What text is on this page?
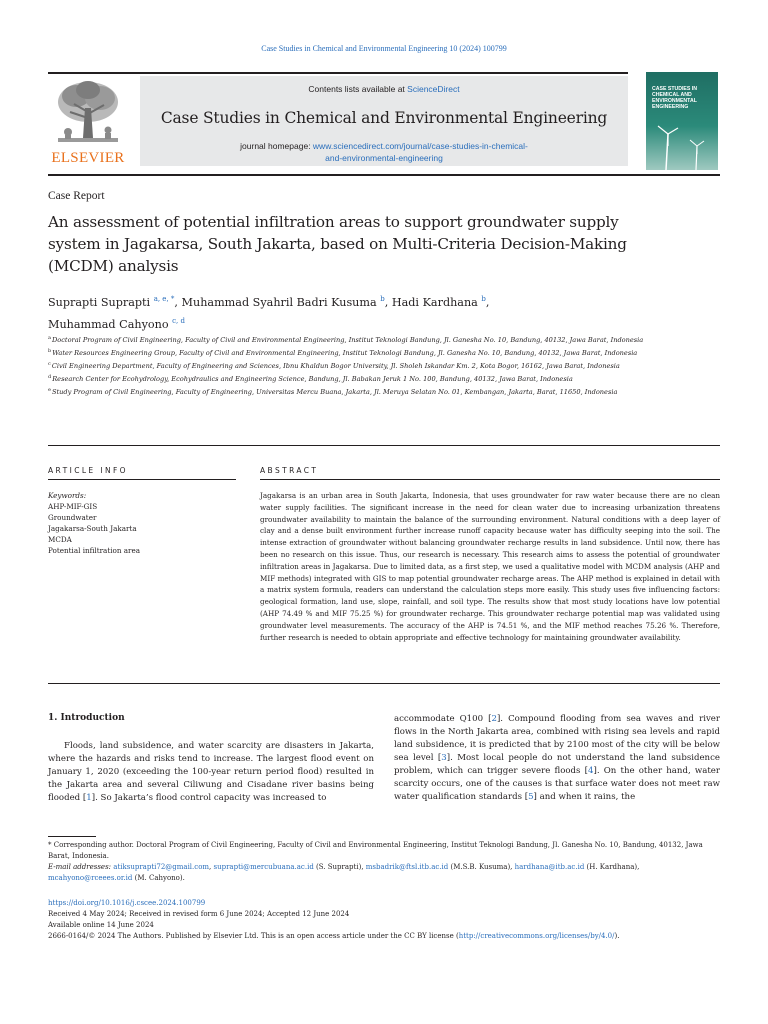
Case Studies in Chemical and Environmental Engineering 10 (2024) 100799
ELSEVIER
Contents lists available at ScienceDirect
Case Studies in Chemical and Environmental Engineering
journal homepage: www.sciencedirect.com/journal/case-studies-in-chemical-
and-environmental-engineering
CASE STUDIES IN
CHEMICAL AND
ENVIRONMENTAL
ENGINEERING
Case Report
An assessment of potential infiltration areas to support groundwater supply system in Jagakarsa, South Jakarta, based on Multi-Criteria Decision-Making (MCDM) analysis
Suprapti Suprapti $^{a, e, *}$, Muhammad Syahril Badri Kusuma $^b$, Hadi Kardhana $^b$,
Muhammad Cahyono $^{c, d}$
$^a$Doctoral Program of Civil Engineering, Faculty of Civil and Environmental Engineering, Institut Teknologi Bandung, Jl. Ganesha No. 10, Bandung, 40132, Jawa Barat, Indonesia
$^b$Water Resources Engineering Group, Faculty of Civil and Environmental Engineering, Institut Teknologi Bandung, Jl. Ganesha No. 10, Bandung, 40132, Jawa Barat, Indonesia
$^c$Civil Engineering Department, Faculty of Engineering and Sciences, Ibnu Khaldun Bogor University, Jl. Sholeh Iskandar Km. 2, Kota Bogor, 16162, Jawa Barat, Indonesia
$^d$Research Center for Ecohydrology, Ecohydraulics and Engineering Science, Bandung, Jl. Babakan Jeruk 1 No. 100, Bandung, 40132, Jawa Barat, Indonesia
$^e$Study Program of Civil Engineering, Faculty of Engineering, Universitas Mercu Buana, Jakarta, Jl. Meruya Selatan No. 01, Kembangan, Jakarta, Barat, 11650, Indonesia
ARTICLE INFO	ABSTRACT
Keywords:
AHP-MIF-GIS
Groundwater
Jagakarsa-South Jakarta
MCDA
Potential infiltration area
Jagakarsa is an urban area in South Jakarta, Indonesia, that uses groundwater for raw water because there are no clean water supply facilities. The significant increase in the need for clean water due to increasing urbanization threatens groundwater availability to maintain the balance of the surrounding environment. Natural conditions with a deep layer of clay and a dense built environment further increase runoff capacity because water has difficulty seeping into the soil. The intense extraction of groundwater without balancing groundwater recharge results in land subsidence. Until now, there has been no research on this issue. Thus, our research is necessary. This research aims to assess the potential of groundwater infiltration areas in Jagakarsa. Due to limited data, as a first step, we used a qualitative model with MCDM analysis (AHP and MIF methods) integrated with GIS to map potential groundwater recharge areas. The AHP method is explained in detail with a matrix system formula, readers can understand the calculation steps more easily. This study uses five influencing factors: geological formation, land use, slope, rainfall, and soil type. The results show that most study locations have low potential (AHP 74.49 % and MIF 75.25 %) for groundwater recharge. This groundwater recharge potential map was validated using groundwater level measurements. The accuracy of the AHP is 74.51 %, and the MIF method reaches 75.26 %. Therefore, further research is needed to obtain appropriate and effective technology for maintaining groundwater availability.
1. Introduction
Floods, land subsidence, and water scarcity are disasters in Jakarta, where the hazards and risks tend to increase. The largest flood event on January 1, 2020 (exceeding the 100-year return period flood) resulted in the Jakarta area and several Ciliwung and Cisadane river basins being flooded [1]. So Jakarta’s flood control capacity was increased to
accommodate Q100 [2]. Compound flooding from sea waves and river flows in the North Jakarta area, combined with rising sea levels and rapid land subsidence, it is predicted that by 2100 most of the city will be below sea level [3]. Most local people do not understand the land subsidence problem, which can trigger severe floods [4]. On the other hand, water scarcity occurs, one of the causes is that surface water does not meet raw water qualification standards [5] and when it rains, the
* Corresponding author. Doctoral Program of Civil Engineering, Faculty of Civil and Environmental Engineering, Institut Teknologi Bandung, Jl. Ganesha No. 10, Bandung, 40132, Jawa Barat, Indonesia.
E-mail addresses: atiksuprapti72@gmail.com, suprapti@mercubuana.ac.id (S. Suprapti), msbadrik@ftsl.itb.ac.id (M.S.B. Kusuma), hardhana@itb.ac.id (H. Kardhana), mcahyono@rceees.or.id (M. Cahyono).
https://doi.org/10.1016/j.cscee.2024.100799
Received 4 May 2024; Received in revised form 6 June 2024; Accepted 12 June 2024
Available online 14 June 2024
2666-0164/© 2024 The Authors. Published by Elsevier Ltd. This is an open access article under the CC BY license (http://creativecommons.org/licenses/by/4.0/).
